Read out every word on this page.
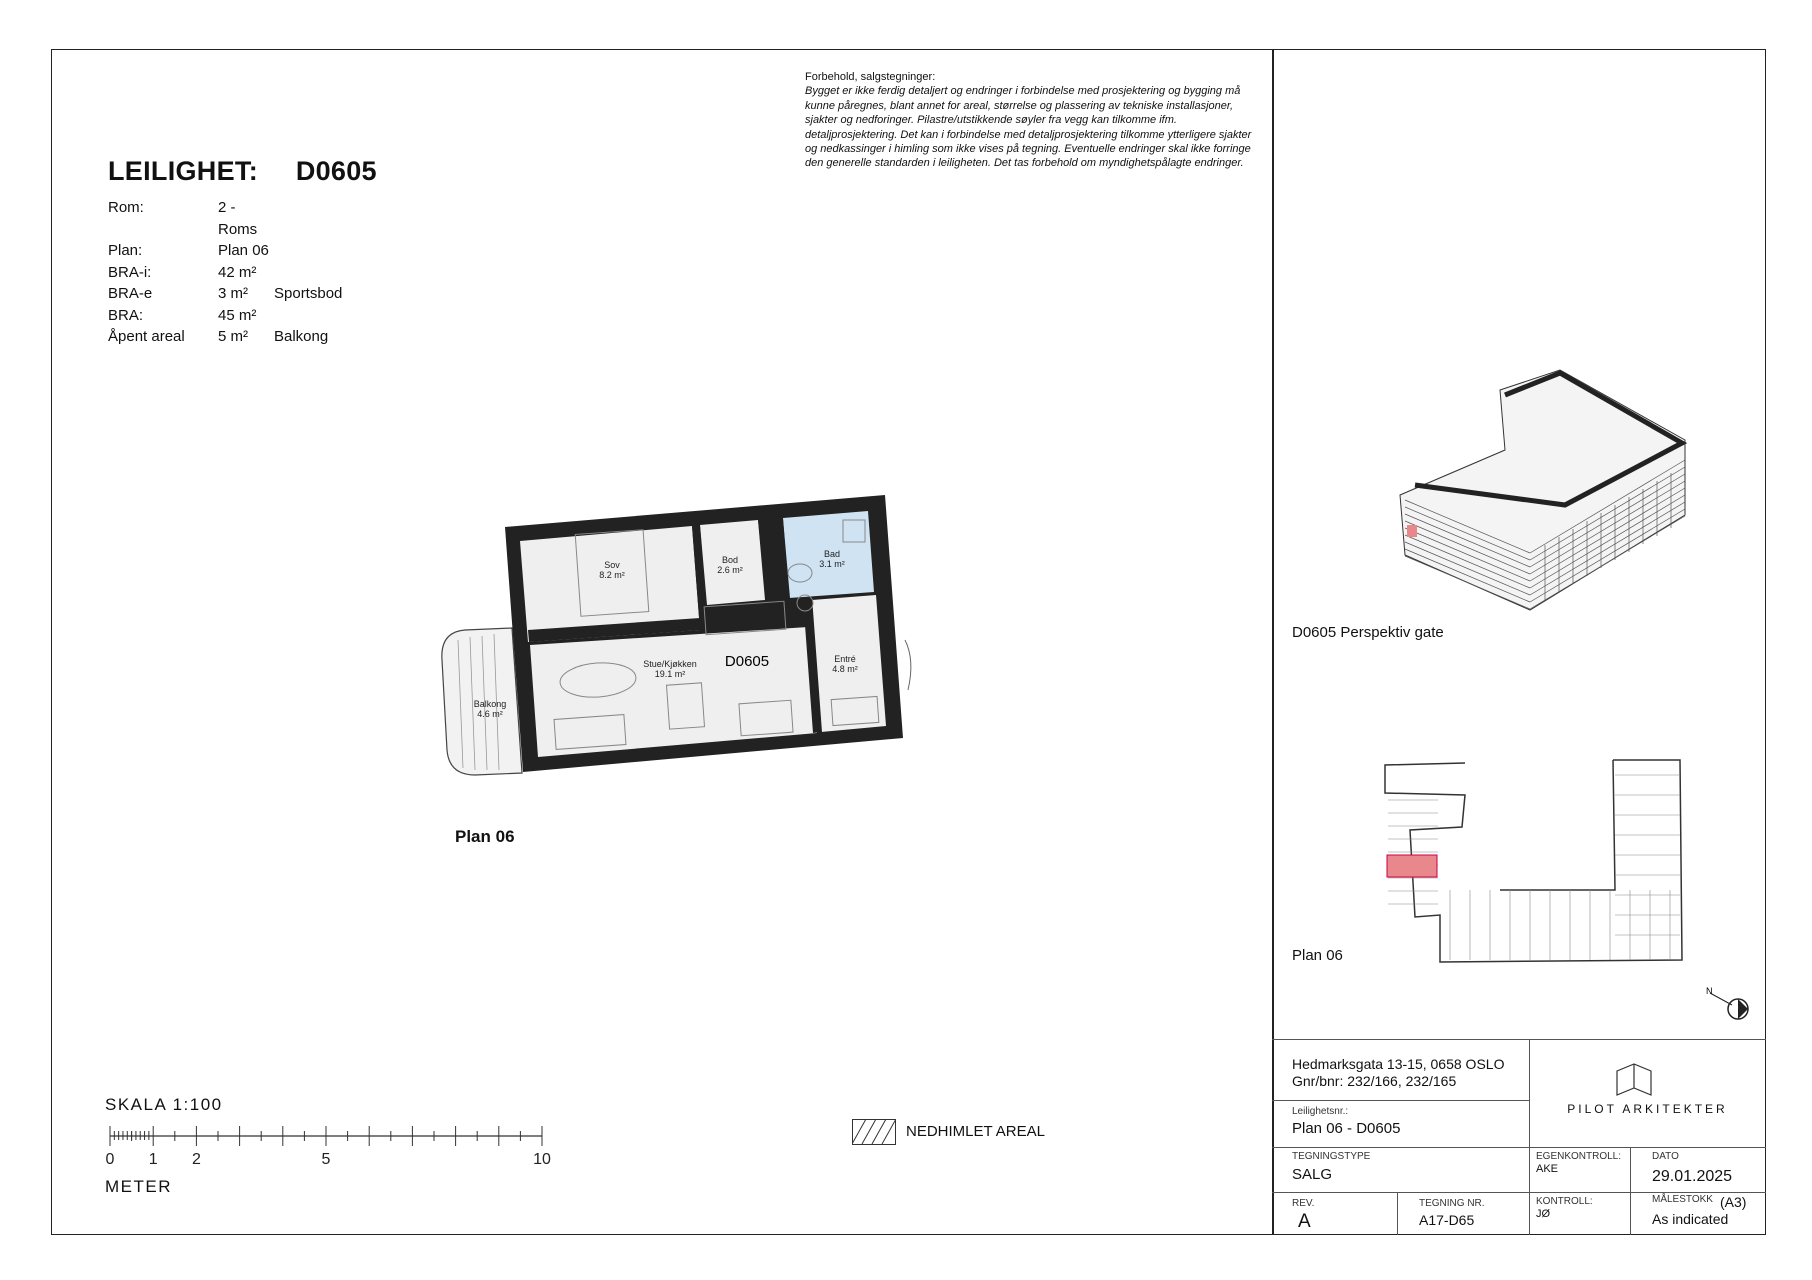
LEILIGHET: D0605
Rom:	2 - Roms
Plan:	Plan 06
BRA-i:	42 m²
BRA-e	3 m²	Sportsbod
BRA:	45 m²
Åpent areal	5 m²	Balkong
Forbehold, salgstegninger:
Bygget er ikke ferdig detaljert og endringer i forbindelse med prosjektering og bygging må kunne påregnes, blant annet for areal, størrelse og plassering av tekniske installasjoner, sjakter og nedforinger. Pilastre/utstikkende søyler fra vegg kan tilkomme ifm. detaljprosjektering. Det kan i forbindelse med detaljprosjektering tilkomme ytterligere sjakter og nedkassinger i himling som ikke vises på tegning. Eventuelle endringer skal ikke forringe den generelle standarden i leiligheten. Det tas forbehold om myndighetspålagte endringer.
Sov
8.2 m²
Bod
2.6 m²
Bad
3.1 m²
Stue/Kjøkken
19.1 m²
Entré
4.8 m²
Balkong
4.6 m²
D0605
Plan 06
SKALA 1:100
0 1 2	5	10
METER
NEDHIMLET AREAL
D0605 Perspektiv gate
Plan 06
N
Hedmarksgata 13-15, 0658 OSLO
Gnr/bnr: 232/166, 232/165
PILOT ARKITEKTER
Leilighetsnr.:
Plan 06 - D0605
TEGNINGSTYPE
SALG
EGENKONTROLL:
AKE
DATO
29.01.2025
REV.
A
TEGNING NR.
A17-D65
KONTROLL:
JØ
MÅLESTOKK (A3)
As indicated
